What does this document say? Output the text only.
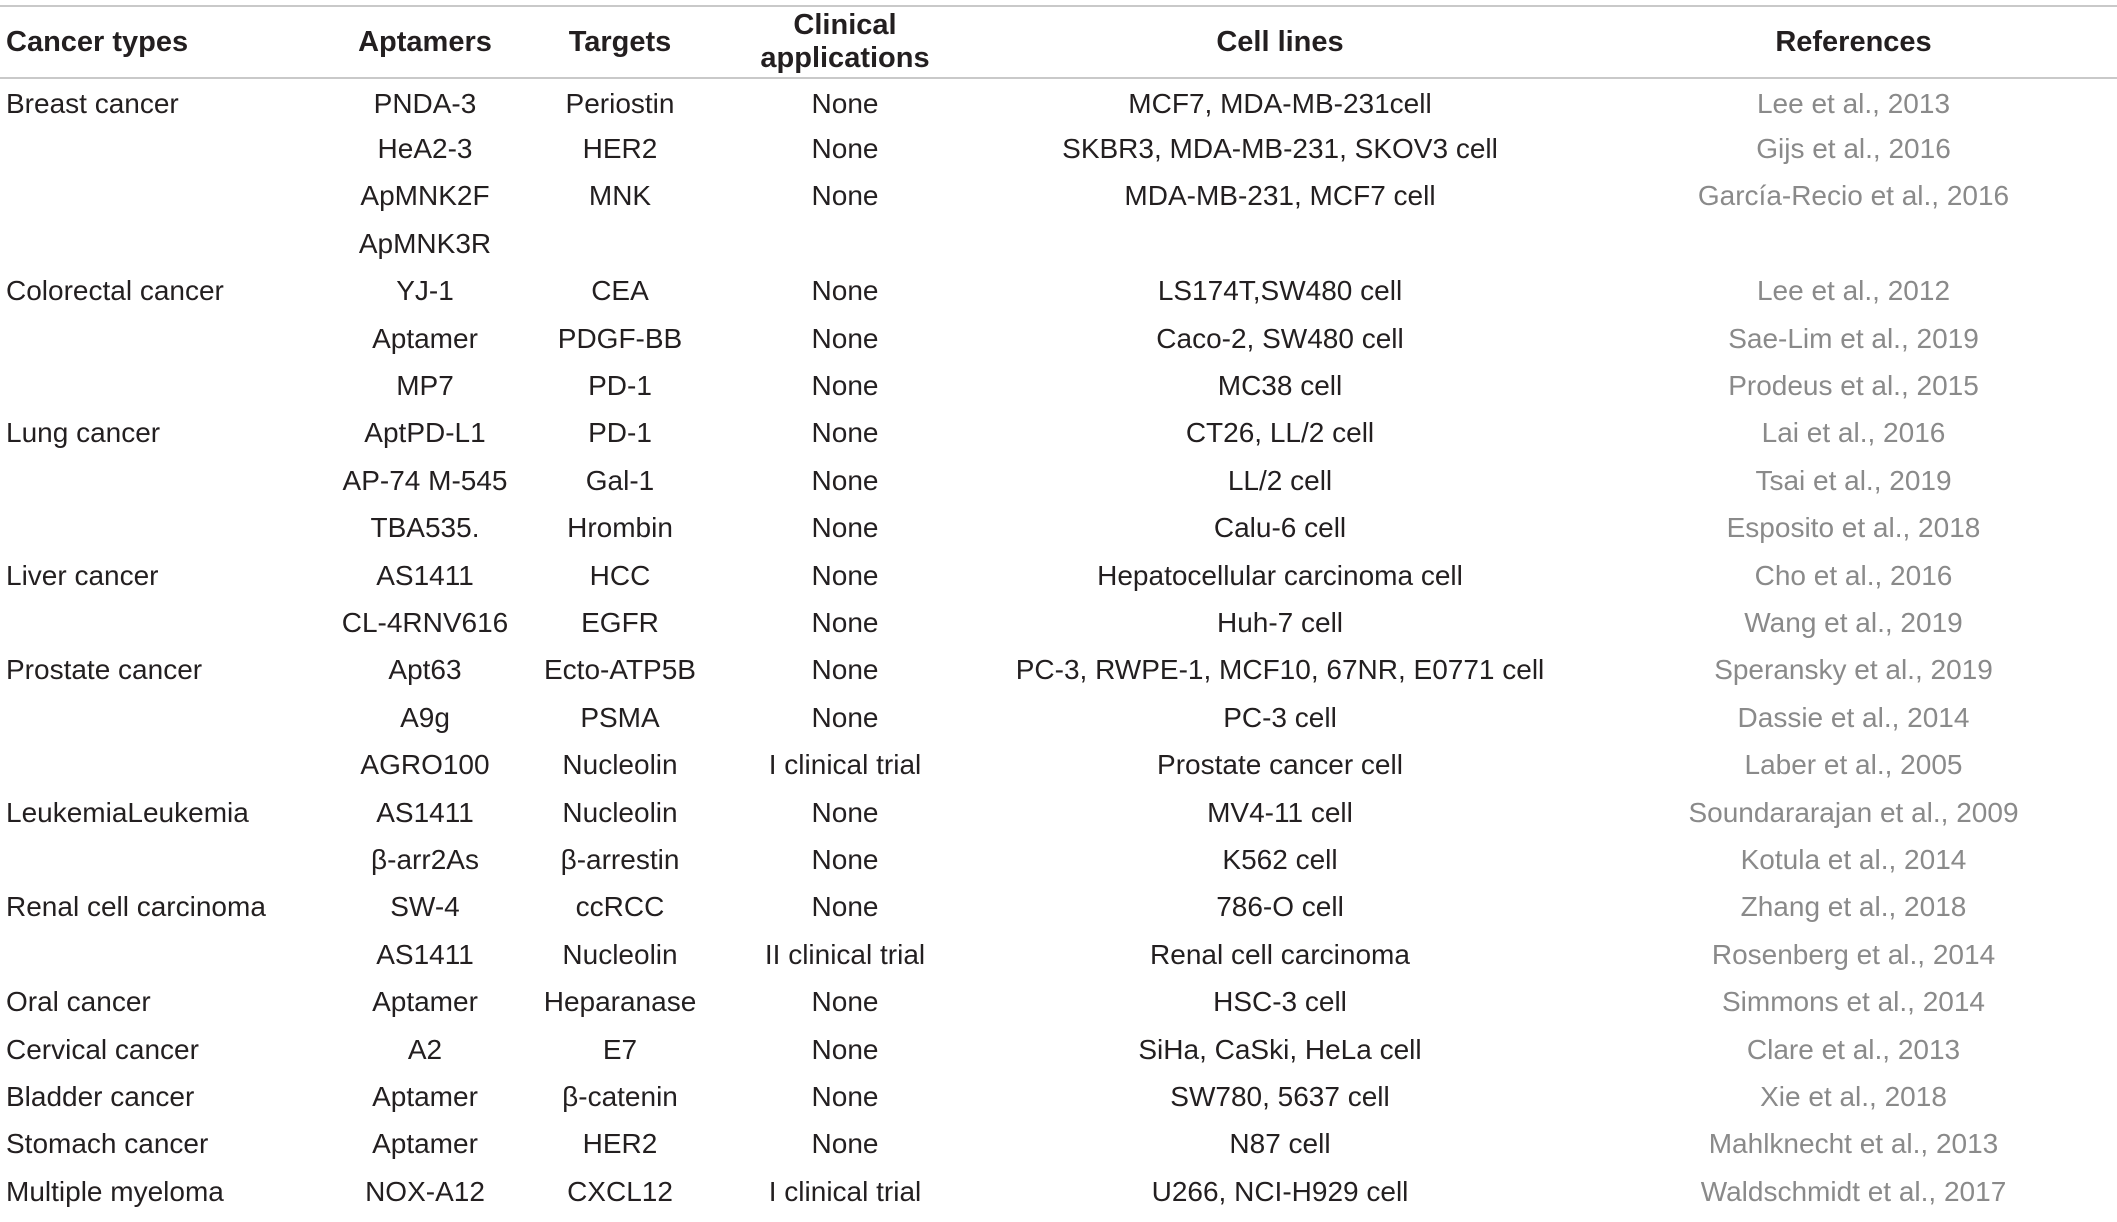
Cancer types	Aptamers	Targets	Clinical applications	Cell lines	References
Breast cancer	PNDA-3	Periostin	None	MCF7, MDA-MB-231cell	Lee et al., 2013
	HeA2-3	HER2	None	SKBR3, MDA-MB-231, SKOV3 cell	Gijs et al., 2016
	ApMNK2F	MNK	None	MDA-MB-231, MCF7 cell	García-Recio et al., 2016
	ApMNK3R				
Colorectal cancer	YJ-1	CEA	None	LS174T,SW480 cell	Lee et al., 2012
	Aptamer	PDGF-BB	None	Caco-2, SW480 cell	Sae-Lim et al., 2019
	MP7	PD-1	None	MC38 cell	Prodeus et al., 2015
Lung cancer	AptPD-L1	PD-1	None	CT26, LL/2 cell	Lai et al., 2016
	AP-74 M-545	Gal-1	None	LL/2 cell	Tsai et al., 2019
	TBA535.	Hrombin	None	Calu-6 cell	Esposito et al., 2018
Liver cancer	AS1411	HCC	None	Hepatocellular carcinoma cell	Cho et al., 2016
	CL-4RNV616	EGFR	None	Huh-7 cell	Wang et al., 2019
Prostate cancer	Apt63	Ecto-ATP5B	None	PC-3, RWPE-1, MCF10, 67NR, E0771 cell	Speransky et al., 2019
	A9g	PSMA	None	PC-3 cell	Dassie et al., 2014
	AGRO100	Nucleolin	I clinical trial	Prostate cancer cell	Laber et al., 2005
LeukemiaLeukemia	AS1411	Nucleolin	None	MV4-11 cell	Soundararajan et al., 2009
	β-arr2As	β-arrestin	None	K562 cell	Kotula et al., 2014
Renal cell carcinoma	SW-4	ccRCC	None	786-O cell	Zhang et al., 2018
	AS1411	Nucleolin	II clinical trial	Renal cell carcinoma	Rosenberg et al., 2014
Oral cancer	Aptamer	Heparanase	None	HSC-3 cell	Simmons et al., 2014
Cervical cancer	A2	E7	None	SiHa, CaSki, HeLa cell	Clare et al., 2013
Bladder cancer	Aptamer	β-catenin	None	SW780, 5637 cell	Xie et al., 2018
Stomach cancer	Aptamer	HER2	None	N87 cell	Mahlknecht et al., 2013
Multiple myeloma	NOX-A12	CXCL12	I clinical trial	U266, NCI-H929 cell	Waldschmidt et al., 2017
